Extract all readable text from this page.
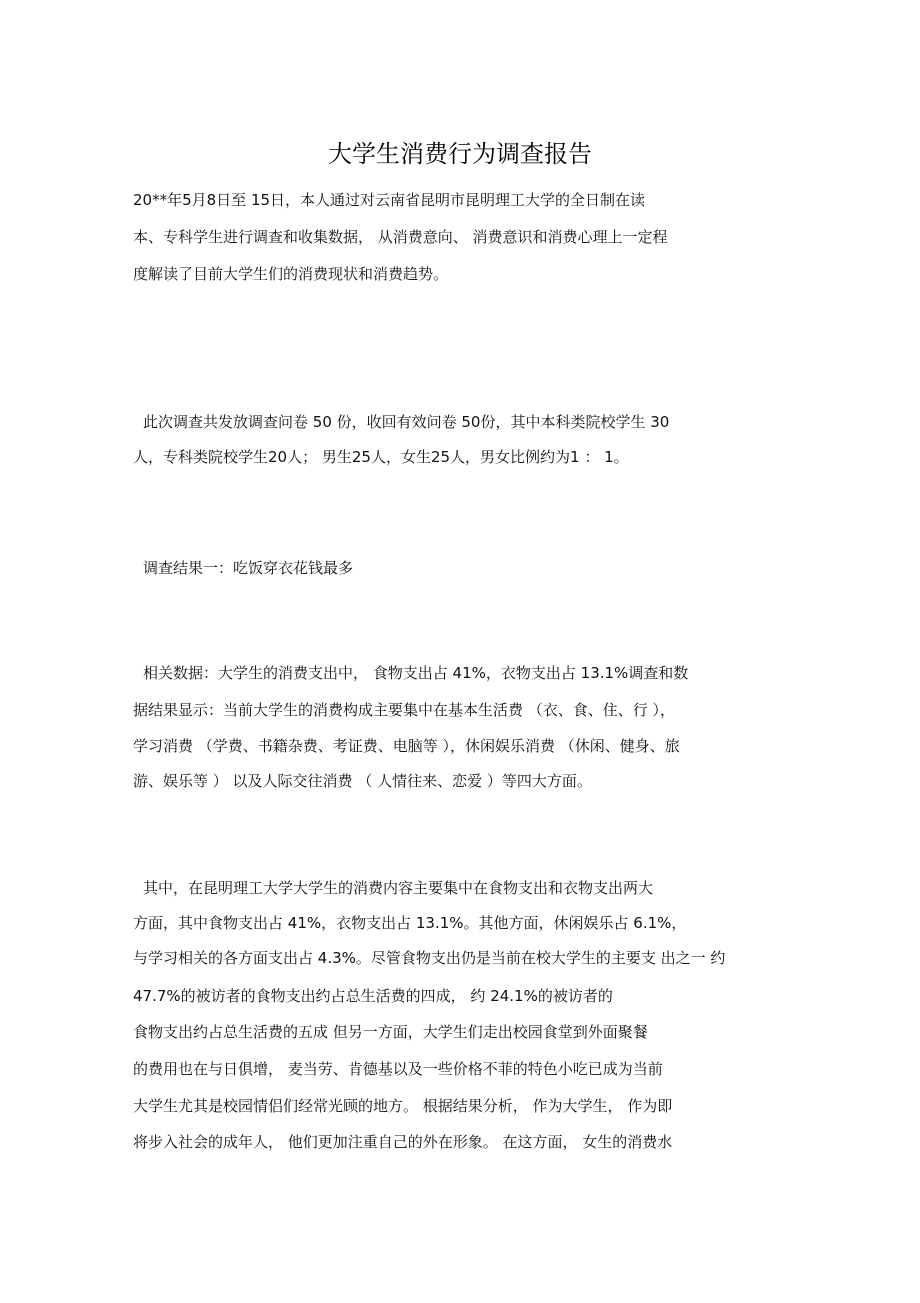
大学生消费行为调查报告
20**年5月8日至 15日，本人通过对云南省昆明市昆明理工大学的全日制在读
本、专科学生进行调查和收集数据， 从消费意向、 消费意识和消费心理上一定程
度解读了目前大学生们的消费现状和消费趋势。
此次调查共发放调查问卷 50 份，收回有效问卷 50份，其中本科类院校学生 30
人，专科类院校学生20人； 男生25人，女生25人，男女比例约为1 ： 1。
调查结果一：吃饭穿衣花钱最多
相关数据：大学生的消费支出中， 食物支出占 41%，衣物支出占 13.1%调查和数
据结果显示：当前大学生的消费构成主要集中在基本生活费 （衣、食、住、行 ），
学习消费 （学费、书籍杂费、考证费、电脑等 ），休闲娱乐消费 （休闲、健身、旅
游、娱乐等 ） 以及人际交往消费 （ 人情往来、恋爱 ）等四大方面。
其中，在昆明理工大学大学生的消费内容主要集中在食物支出和衣物支出两大
方面，其中食物支出占 41%，衣物支出占 13.1%。其他方面，休闲娱乐占 6.1%，
与学习相关的各方面支出占 4.3%。尽管食物支出仍是当前在校大学生的主要支 出之一 约
47.7%的被访者的食物支出约占总生活费的四成， 约 24.1%的被访者的
食物支出约占总生活费的五成 但另一方面，大学生们走出校园食堂到外面聚餐
的费用也在与日俱增， 麦当劳、肯德基以及一些价格不菲的特色小吃已成为当前
大学生尤其是校园情侣们经常光顾的地方。 根据结果分析， 作为大学生， 作为即
将步入社会的成年人， 他们更加注重自己的外在形象。 在这方面， 女生的消费水
